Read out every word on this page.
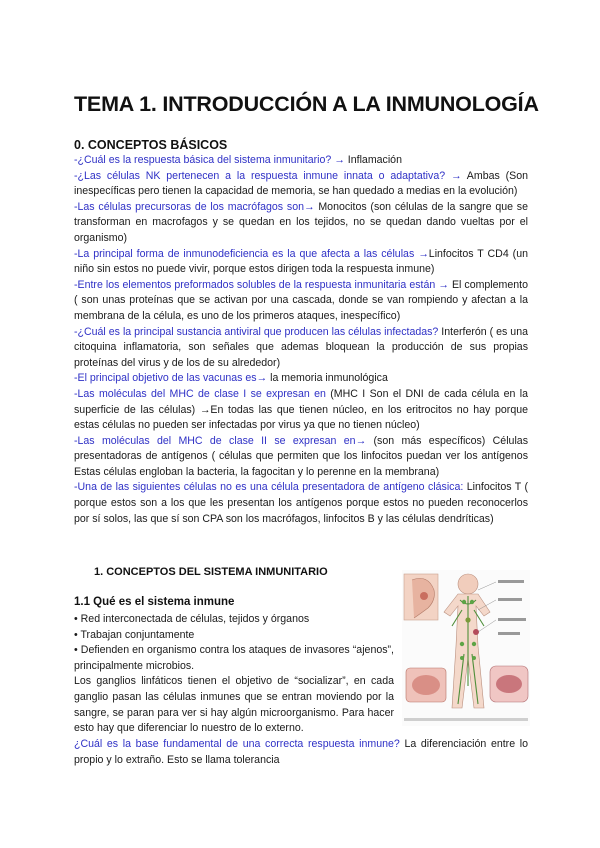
TEMA 1. INTRODUCCIÓN A LA INMUNOLOGÍA
0. CONCEPTOS BÁSICOS

-¿Cuál es la respuesta básica del sistema inmunitario? → Inflamación

-¿Las células NK pertenecen a la respuesta inmune innata o adaptativa? → Ambas (Son inespecíficas pero tienen la capacidad de memoria, se han quedado a medias en la evolución)

-Las células precursoras de los macrófagos son→ Monocitos (son células de la sangre que se transforman en macrofagos y se quedan en los tejidos, no se quedan dando vueltas por el organismo)

-La principal forma de inmunodeficiencia es la que afecta a las células →Linfocitos T CD4 (un niño sin estos no puede vivir, porque estos dirigen toda la respuesta inmune)

-Entre los elementos preformados solubles de la respuesta inmunitaria están → El complemento ( son unas proteínas que se activan por una cascada, donde se van rompiendo y afectan a la membrana de la célula, es uno de los primeros ataques, inespecífico)

-¿Cuál es la principal sustancia antiviral que producen las células infectadas? Interferón ( es una citoquina inflamatoria, son señales que ademas bloquean la producción de sus propias proteínas del virus y de los de su alrededor)

-El principal objetivo de las vacunas es→ la memoria inmunológica

-Las moléculas del MHC de clase I se expresan en (MHC I Son el DNI de cada célula en la superficie de las células) →En todas las que tienen núcleo, en los eritrocitos no hay porque estas células no pueden ser infectadas por virus ya que no tienen núcleo)

-Las moléculas del MHC de clase II se expresan en→ (son más específicos) Células presentadoras de antígenos ( células que permiten que los linfocitos puedan ver los antígenos Estas células engloban la bacteria, la fagocitan y lo perenne en la membrana)

-Una de las siguientes células no es una célula presentadora de antígeno clásica: Linfocitos T ( porque estos son a los que les presentan los antígenos porque estos no pueden reconocerlos por sí solos, las que sí son CPA son los macrófagos, linfocitos B y las células dendríticas)

1. CONCEPTOS DEL SISTEMA INMUNITARIO
1.1 Qué es el sistema inmune
• Red interconectada de células, tejidos y órganos
• Trabajan conjuntamente
• Defienden en organismo contra los ataques de invasores “ajenos”, principalmente microbios.
Los ganglios linfáticos tienen el objetivo de “socializar”, en cada ganglio pasan las células inmunes que se entran moviendo por la sangre, se paran para ver si hay algún microorganismo. Para hacer esto hay que diferenciar lo nuestro de lo externo.

¿Cuál es la base fundamental de una correcta respuesta inmune? La diferenciación entre lo propio y lo extraño. Esto se llama tolerancia
